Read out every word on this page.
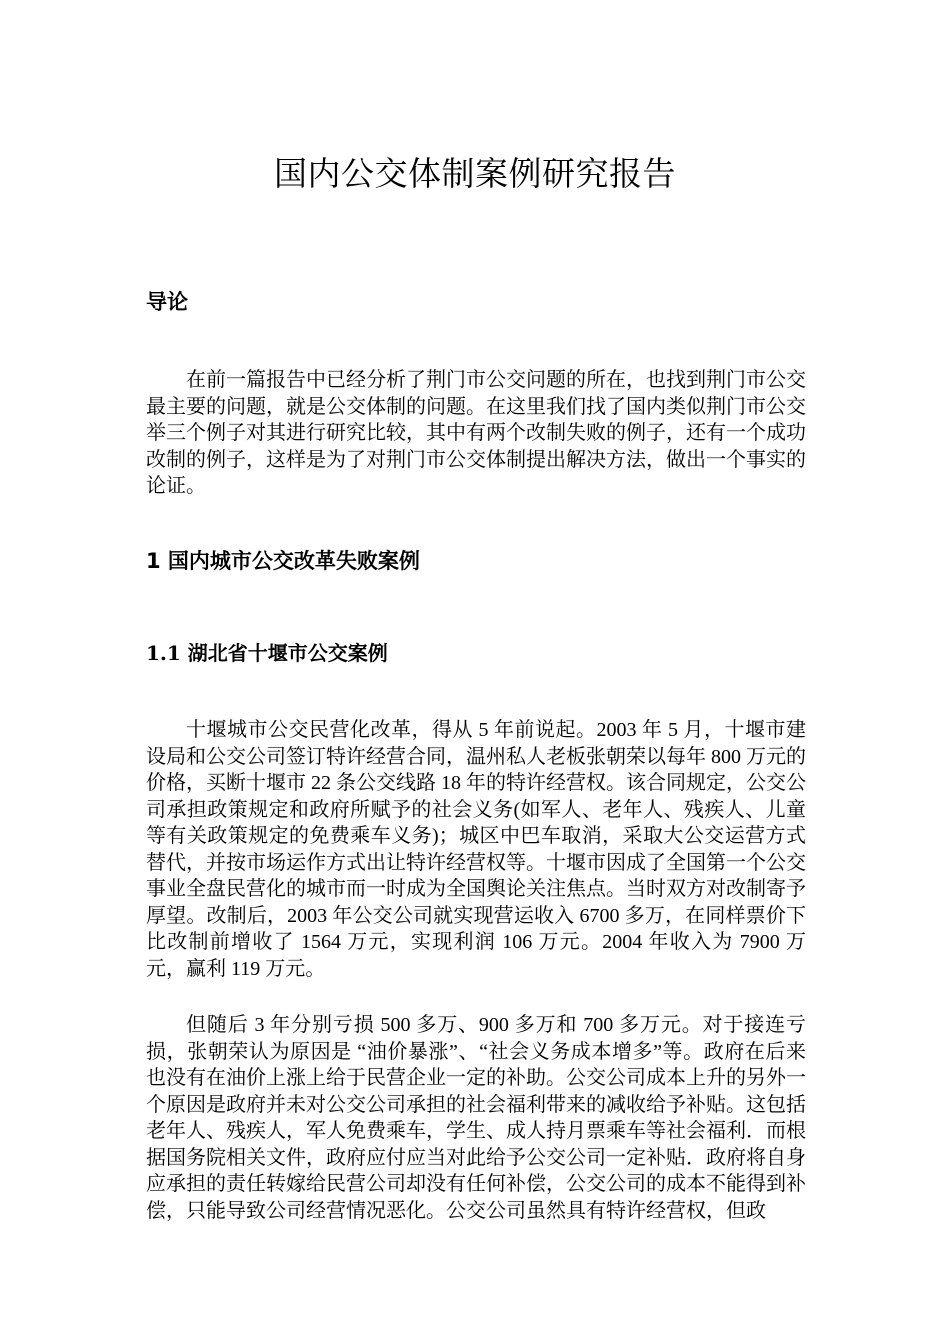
国内公交体制案例研究报告
导论

在前一篇报告中已经分析了荆门市公交问题的所在，也找到荆门市公交最主要的问题，就是公交体制的问题。在这里我们找了国内类似荆门市公交举三个例子对其进行研究比较，其中有两个改制失败的例子，还有一个成功改制的例子，这样是为了对荆门市公交体制提出解决方法，做出一个事实的论证。

1 国内城市公交改革失败案例
1.1 湖北省十堰市公交案例

十堰城市公交民营化改革，得从 5 年前说起。2003 年 5 月，十堰市建设局和公交公司签订特许经营合同，温州私人老板张朝荣以每年 800 万元的价格，买断十堰市 22 条公交线路 18 年的特许经营权。该合同规定，公交公司承担政策规定和政府所赋予的社会义务(如军人、老年人、残疾人、儿童等有关政策规定的免费乘车义务)；城区中巴车取消，采取大公交运营方式替代，并按市场运作方式出让特许经营权等。十堰市因成了全国第一个公交事业全盘民营化的城市而一时成为全国舆论关注焦点。当时双方对改制寄予厚望。改制后，2003 年公交公司就实现营运收入 6700 多万，在同样票价下比改制前增收了 1564 万元，实现利润 106 万元。2004 年收入为 7900 万元，赢利 119 万元。

但随后 3 年分别亏损 500 多万、900 多万和 700 多万元。对于接连亏损，张朝荣认为原因是 “油价暴涨”、“社会义务成本增多”等。政府在后来也没有在油价上涨上给于民营企业一定的补助。公交公司成本上升的另外一个原因是政府并未对公交公司承担的社会福利带来的减收给予补贴。这包括老年人、残疾人，军人免费乘车，学生、成人持月票乘车等社会福利．而根据国务院相关文件，政府应付应当对此给予公交公司一定补贴．政府将自身应承担的责任转嫁给民营公司却没有任何补偿，公交公司的成本不能得到补偿，只能导致公司经营情况恶化。公交公司虽然具有特许经营权，但政
